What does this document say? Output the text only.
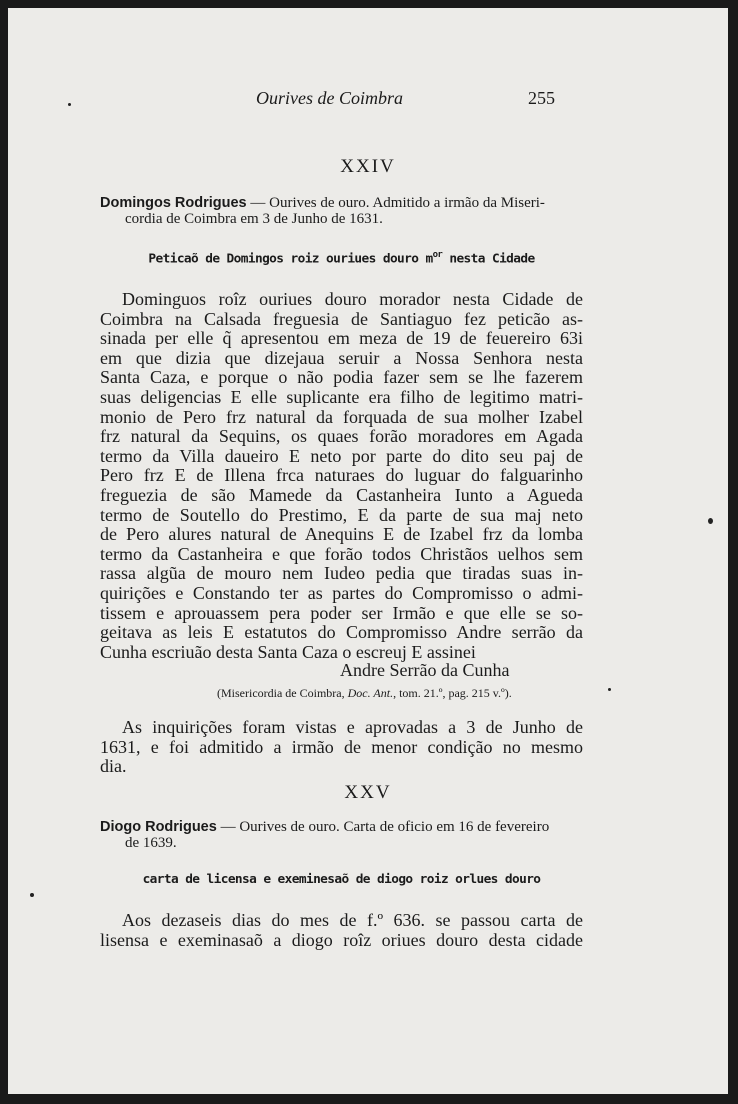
Ourives de Coimbra	255
XXIV
Domingos Rodrigues — Ourives de ouro. Admitido a irmão da Miseri-
cordia de Coimbra em 3 de Junho de 1631.
Peticaõ de Domingos roiz ouriues douro $m^{or}$ nesta Cidade
Dominguos roîz ouriues douro morador nesta Cidade de
Coimbra na Calsada freguesia de Santiaguo fez peticão as-
sinada per elle q̃ apresentou em meza de 19 de feuereiro 63i
em que dizia que dizejaua seruir a Nossa Senhora nesta
Santa Caza, e porque o não podia fazer sem se lhe fazerem
suas deligencias E elle suplicante era filho de legitimo matri-
monio de Pero frz natural da forquada de sua molher Izabel
frz natural da Sequins, os quaes forão moradores em Agada
termo da Villa daueiro E neto por parte do dito seu paj de
Pero frz E de Illena frca naturaes do luguar do falguarinho
freguezia de são Mamede da Castanheira Iunto a Agueda
termo de Soutello do Prestimo, E da parte de sua maj neto
de Pero alures natural de Anequins E de Izabel frz da lomba
termo da Castanheira e que forão todos Christãos uelhos sem
rassa algũa de mouro nem Iudeo pedia que tiradas suas in-
quirições e Constando ter as partes do Compromisso o admi-
tissem e aprouassem pera poder ser Irmão e que elle se so-
geitava as leis E estatutos do Compromisso Andre serrão da
Cunha escriuão desta Santa Caza o escreuj E assinei
Andre Serrão da Cunha
(Misericordia de Coimbra, Doc. Ant., tom. 21.º, pag. 215 v.º).
As inquirições foram vistas e aprovadas a 3 de Junho de
1631, e foi admitido a irmão de menor condição no mesmo
dia.
XXV
Diogo Rodrigues — Ourives de ouro. Carta de oficio em 16 de fevereiro
de 1639.
carta de licensa e exeminesaõ de diogo roiz orlues douro
Aos dezaseis dias do mes de f.º 636. se passou carta de
lisensa e exeminasaõ a diogo roîz oriues douro desta cidade
